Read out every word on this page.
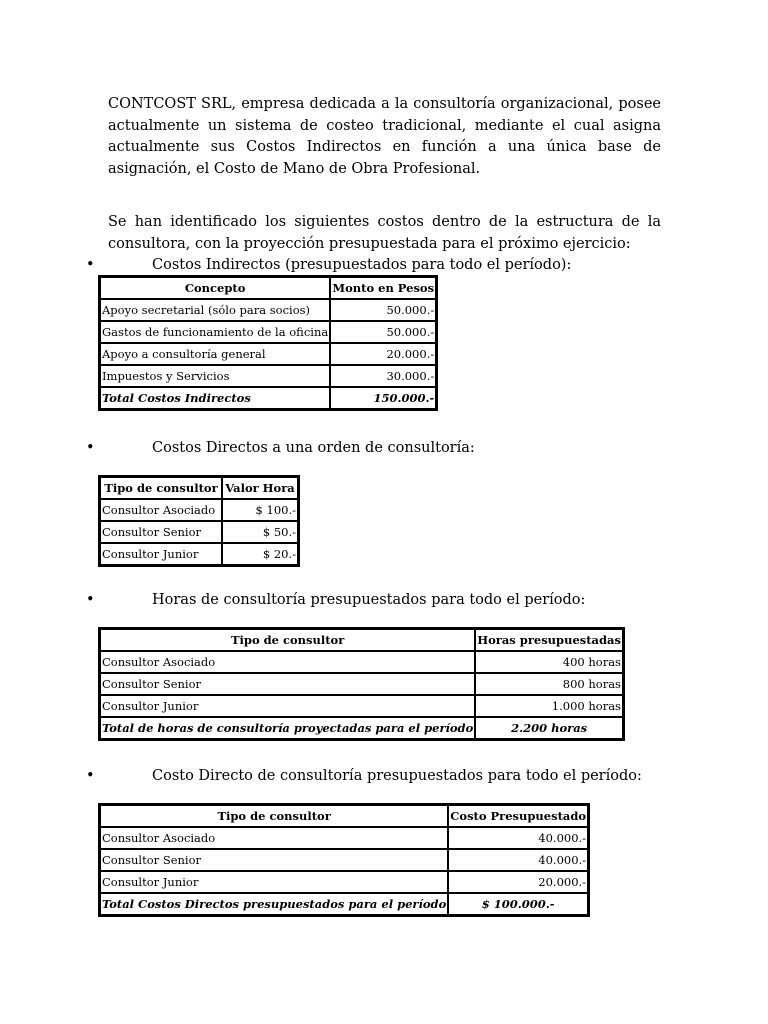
CONTCOST SRL, empresa dedicada a la consultoría organizacional, posee actualmente un sistema de costeo tradicional, mediante el cual asigna actualmente sus Costos Indirectos en función a una única base de asignación, el Costo de Mano de Obra Profesional.
Se han identificado los siguientes costos dentro de la estructura de la consultora, con la proyección presupuestada para el próximo ejercicio:
•	Costos Indirectos (presupuestados para todo el período):
Concepto	Monto en Pesos
Apoyo secretarial (sólo para socios)	50.000.-
Gastos de funcionamiento de la oficina	50.000.-
Apoyo a consultoría general	20.000.-
Impuestos y Servicios	30.000.-
Total Costos Indirectos	150.000.-
•	Costos Directos a una orden de consultoría:
Tipo de consultor	Valor Hora
Consultor Asociado	$ 100.-
Consultor Senior	$ 50.-
Consultor Junior	$ 20.-
•	Horas de consultoría presupuestados para todo el período:
Tipo de consultor	Horas presupuestadas
Consultor Asociado	400 horas
Consultor Senior	800 horas
Consultor Junior	1.000 horas
Total de horas de consultoría proyectadas para el período	2.200 horas
•	Costo Directo de consultoría presupuestados para todo el período:
Tipo de consultor	Costo Presupuestado
Consultor Asociado	40.000.-
Consultor Senior	40.000.-
Consultor Junior	20.000.-
Total Costos Directos presupuestados para el período	$ 100.000.-
